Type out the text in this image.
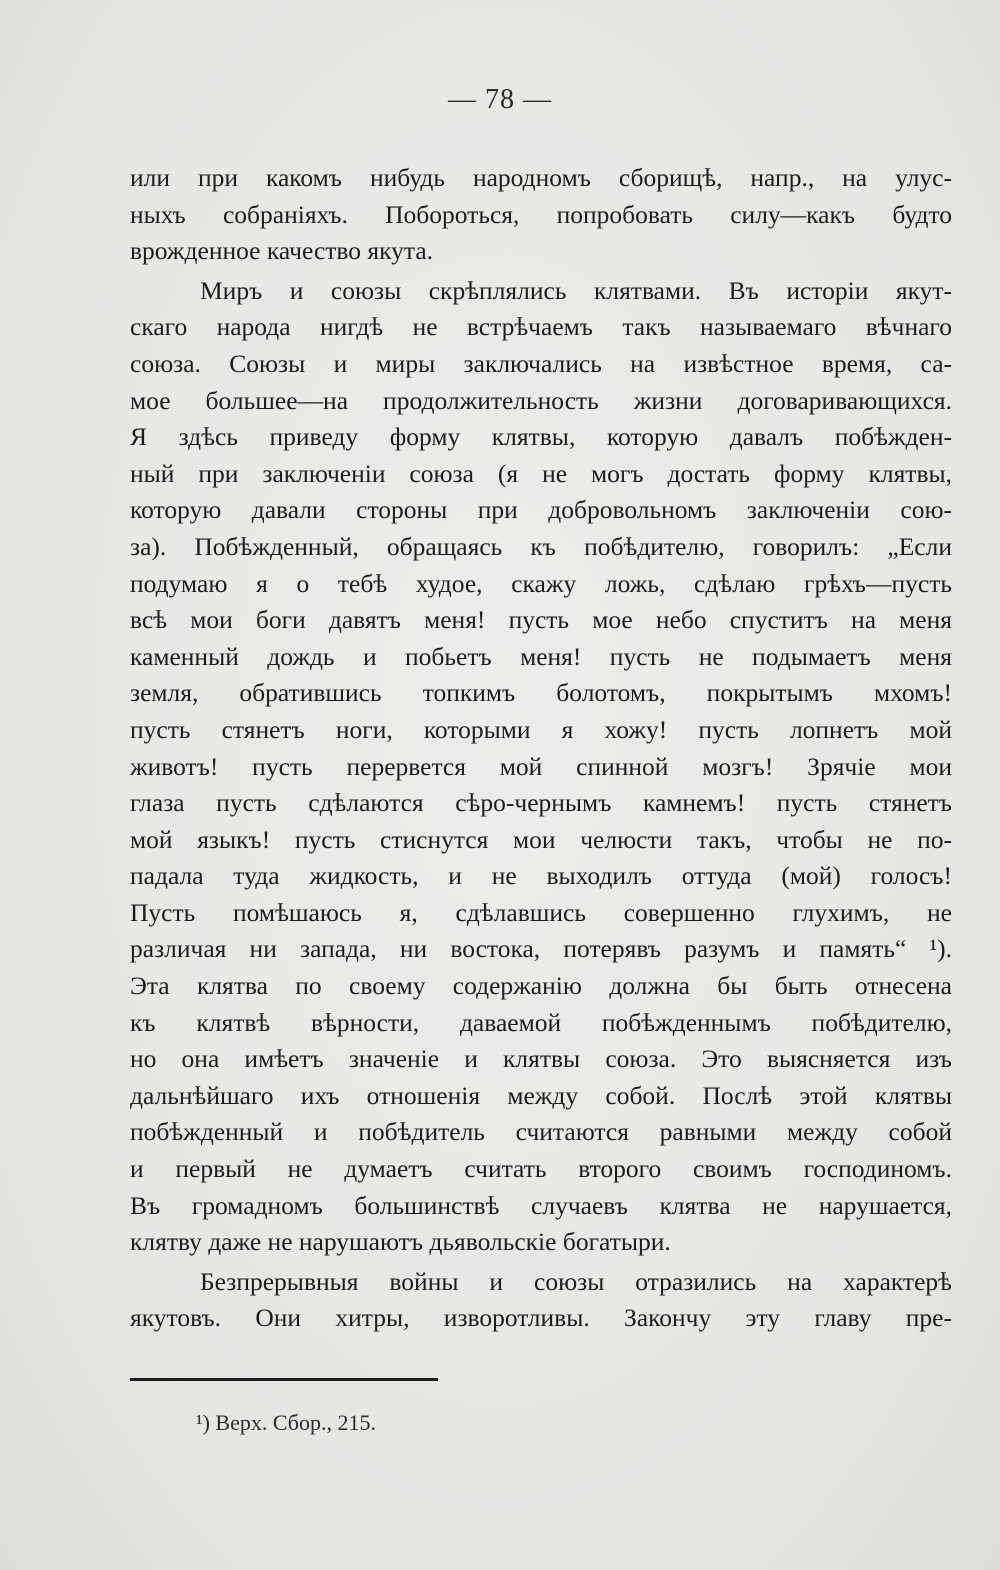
— 78 —
или при какомъ нибудь народномъ сборищѣ, напр., на улус-
ныхъ собраніяхъ. Побороться, попробовать силу—какъ будто
врожденное качество якута.
Миръ и союзы скрѣплялись клятвами. Въ исторіи якут-
скаго народа нигдѣ не встрѣчаемъ такъ называемаго вѣчнаго
союза. Союзы и миры заключались на извѣстное время, са-
мое большее—на продолжительность жизни договаривающихся.
Я здѣсь приведу форму клятвы, которую давалъ побѣжден-
ный при заключеніи союза (я не могъ достать форму клятвы,
которую давали стороны при добровольномъ заключеніи сою-
за). Побѣжденный, обращаясь къ побѣдителю, говорилъ: „Если
подумаю я о тебѣ худое, скажу ложь, сдѣлаю грѣхъ—пусть
всѣ мои боги давятъ меня! пусть мое небо спуститъ на меня
каменный дождь и побьетъ меня! пусть не подымаетъ меня
земля, обратившись топкимъ болотомъ, покрытымъ мхомъ!
пусть стянетъ ноги, которыми я хожу! пусть лопнетъ мой
животъ! пусть перервется мой спинной мозгъ! Зрячіе мои
глаза пусть сдѣлаются сѣро-чернымъ камнемъ! пусть стянетъ
мой языкъ! пусть стиснутся мои челюсти такъ, чтобы не по-
падала туда жидкость, и не выходилъ оттуда (мой) голосъ!
Пусть помѣшаюсь я, сдѣлавшись совершенно глухимъ, не
различая ни запада, ни востока, потерявъ разумъ и память“ ¹).
Эта клятва по своему содержанію должна бы быть отнесена
къ клятвѣ вѣрности, даваемой побѣжденнымъ побѣдителю,
но она имѣетъ значеніе и клятвы союза. Это выясняется изъ
дальнѣйшаго ихъ отношенія между собой. Послѣ этой клятвы
побѣжденный и побѣдитель считаются равными между собой
и первый не думаетъ считать второго своимъ господиномъ.
Въ громадномъ большинствѣ случаевъ клятва не нарушается,
клятву даже не нарушаютъ дьявольскіе богатыри.
Безпрерывныя войны и союзы отразились на характерѣ
якутовъ. Они хитры, изворотливы. Закончу эту главу пре-
¹) Верх. Сбор., 215.
